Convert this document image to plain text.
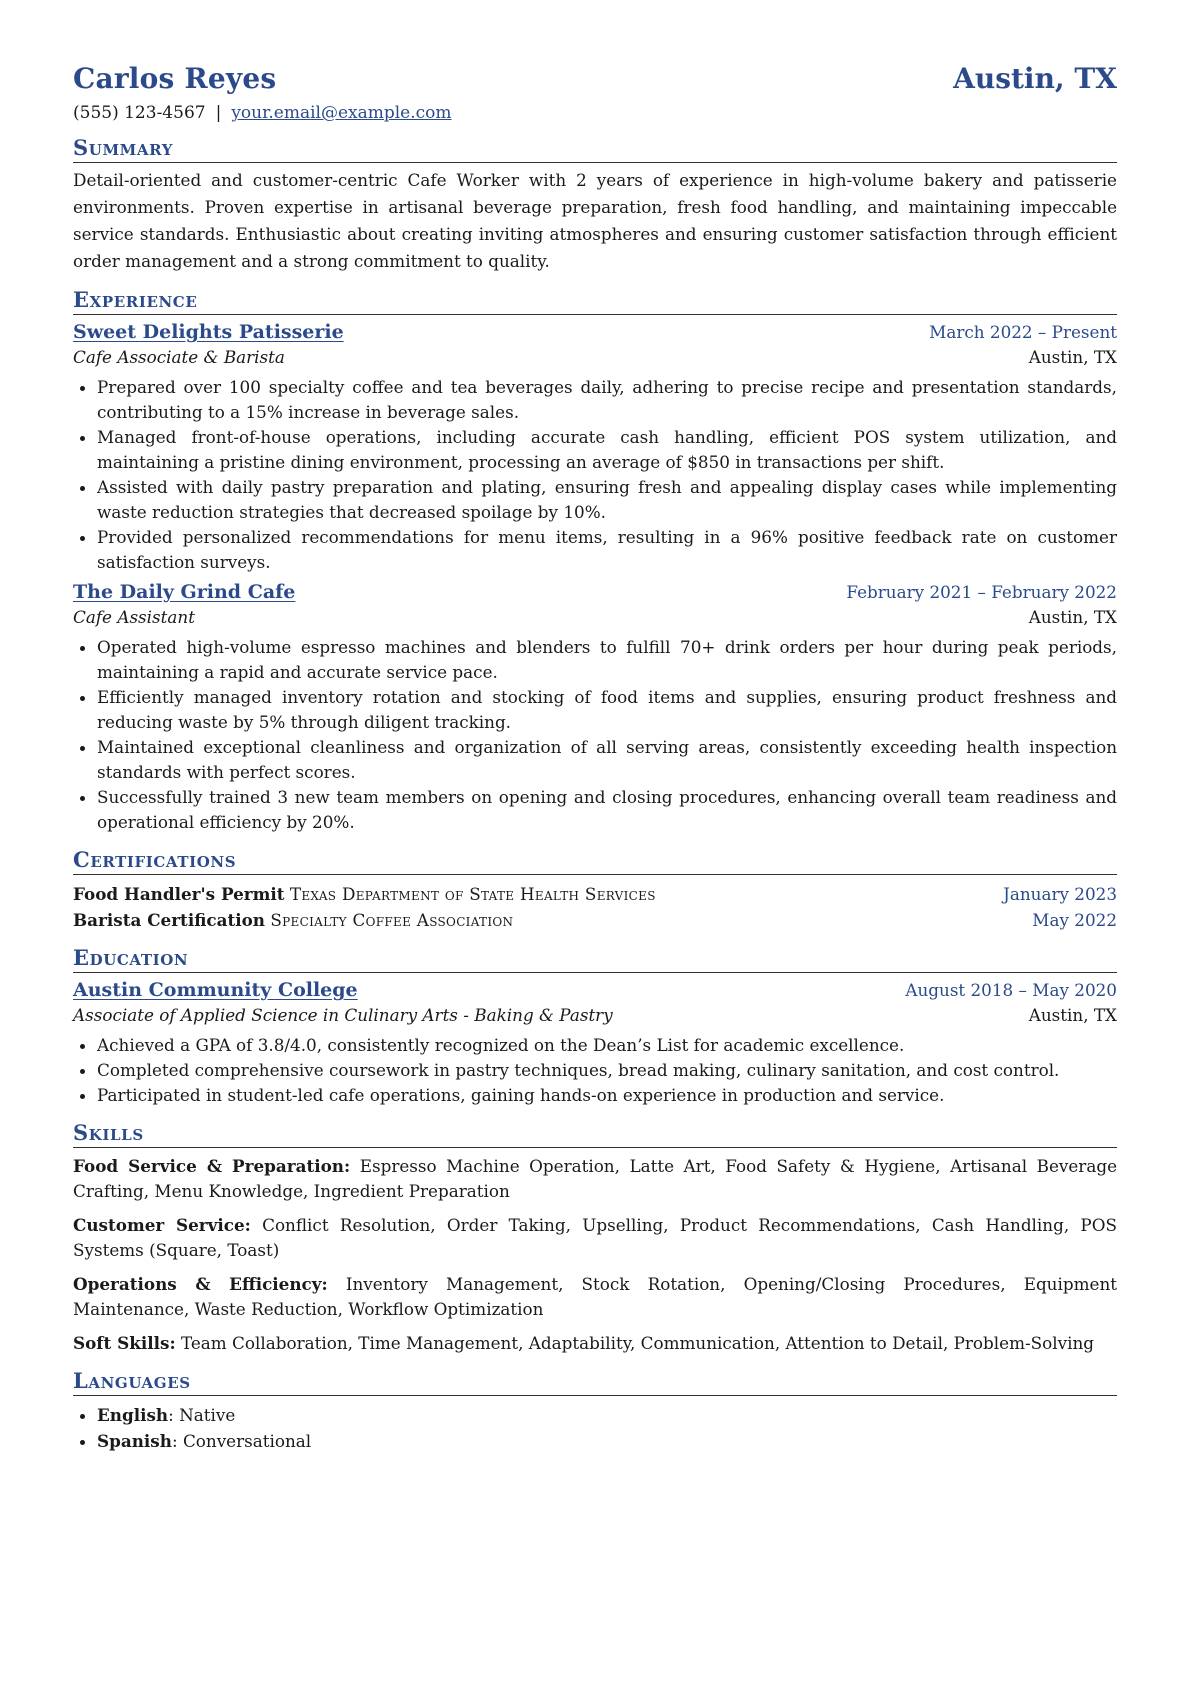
Carlos Reyes	Austin, TX
(555) 123-4567 | your.email@example.com
Summary
Detail-oriented and customer-centric Cafe Worker with 2 years of experience in high-volume bakery and patisserie environments. Proven expertise in artisanal beverage preparation, fresh food handling, and maintaining impeccable service standards. Enthusiastic about creating inviting atmospheres and ensuring customer satisfaction through efficient order management and a strong commitment to quality.
Experience
Sweet Delights Patisserie	March 2022 – Present
Cafe Associate & Barista	Austin, TX
• Prepared over 100 specialty coffee and tea beverages daily, adhering to precise recipe and presentation standards, contributing to a 15% increase in beverage sales.
• Managed front-of-house operations, including accurate cash handling, efficient POS system utilization, and maintaining a pristine dining environment, processing an average of $850 in transactions per shift.
• Assisted with daily pastry preparation and plating, ensuring fresh and appealing display cases while implementing waste reduction strategies that decreased spoilage by 10%.
• Provided personalized recommendations for menu items, resulting in a 96% positive feedback rate on customer satisfaction surveys.
The Daily Grind Cafe	February 2021 – February 2022
Cafe Assistant	Austin, TX
• Operated high-volume espresso machines and blenders to fulfill 70+ drink orders per hour during peak periods, maintaining a rapid and accurate service pace.
• Efficiently managed inventory rotation and stocking of food items and supplies, ensuring product freshness and reducing waste by 5% through diligent tracking.
• Maintained exceptional cleanliness and organization of all serving areas, consistently exceeding health inspection standards with perfect scores.
• Successfully trained 3 new team members on opening and closing procedures, enhancing overall team readiness and operational efficiency by 20%.
Certifications
Food Handler's Permit Texas Department of State Health Services	January 2023
Barista Certification Specialty Coffee Association	May 2022
Education
Austin Community College	August 2018 – May 2020
Associate of Applied Science in Culinary Arts - Baking & Pastry	Austin, TX
• Achieved a GPA of 3.8/4.0, consistently recognized on the Dean’s List for academic excellence.
• Completed comprehensive coursework in pastry techniques, bread making, culinary sanitation, and cost control.
• Participated in student-led cafe operations, gaining hands-on experience in production and service.
Skills
Food Service & Preparation: Espresso Machine Operation, Latte Art, Food Safety & Hygiene, Artisanal Beverage Crafting, Menu Knowledge, Ingredient Preparation
Customer Service: Conflict Resolution, Order Taking, Upselling, Product Recommendations, Cash Handling, POS Systems (Square, Toast)
Operations & Efficiency: Inventory Management, Stock Rotation, Opening/Closing Procedures, Equipment Maintenance, Waste Reduction, Workflow Optimization
Soft Skills: Team Collaboration, Time Management, Adaptability, Communication, Attention to Detail, Problem-Solving
Languages
• English: Native
• Spanish: Conversational
